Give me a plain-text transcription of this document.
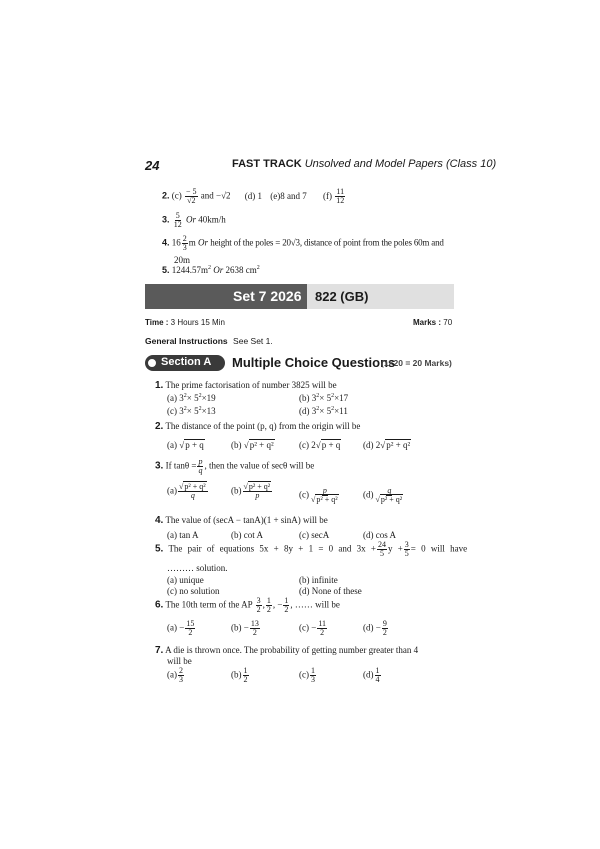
24	FAST TRACK Unsolved and Model Papers (Class 10)
2. $(c) \frac{- 5}{√2}$ and −√2 (d) 1 (e)8 and 7 $(f) \frac{11}{12}$
3. $\frac{5}{12}$ Or 40km/h
4. $16 \frac{2}{3}$ m Or height of the poles = 20√3, distance of point from the poles 60m and
20m
5. $1244.57m^2$ Or 2638 $cm^2$
Set 7 2026 822 (GB)
Time : 3 Hours 15 Min	Marks : 70
General Instructions See Set 1.
Section A Multiple Choice Questions
(1×20 = 20 Marks)
1. The prime factorisation of number 3825 will be
(a) $3^2\times 5^2\times 19$	(b) $3^2\times 5^2\times 17$
(c) $3^2\times 5^2\times 13$	(d) $3^2\times 5^2\times 11$
2. The distance of the point (p, q) from the origin will be
(a) √p + q	(b) √p² + q²	(c) 2√p + q	(d) 2√p² + q²
3. If $\tan\theta = \frac{p}{q}$ , then the value of secθ will be
$(a) \frac{\text{√p² + q²}}{q}$	$(b) \frac{\text{√p² + q²}}{p}$	$(c) \frac{p}{\text{√p² + q²}}$	$(d) \frac{q}{\text{√p² + q²}}$
4. The value of (secA − tanA)(1 + sinA) will be
(a) tan A	(b) cot A	(c) secA	(d) cos A
5. The pair of equations 5x + 8y + 1 = 0 and $3x + \frac{24}{5}$ $y + \frac{3}{5} = 0$ will have
……… solution.
(a) unique	(b) infinite
(c) no solution	(d) None of these
6. The 10th term of the AP $\frac{3}{2}$ , $\frac{1}{2}$ , − $\frac{1}{2}$ , …… will be
$(a) - \frac{15}{2}$	$(b) - \frac{13}{2}$	$(c) - \frac{11}{2}$	$(d) - \frac{9}{2}$
7. A die is thrown once. The probability of getting number greater than 4
will be
$(a) \frac{2}{3}$	$(b) \frac{1}{2}$	$(c) \frac{1}{3}$	$(d) \frac{1}{4}$
